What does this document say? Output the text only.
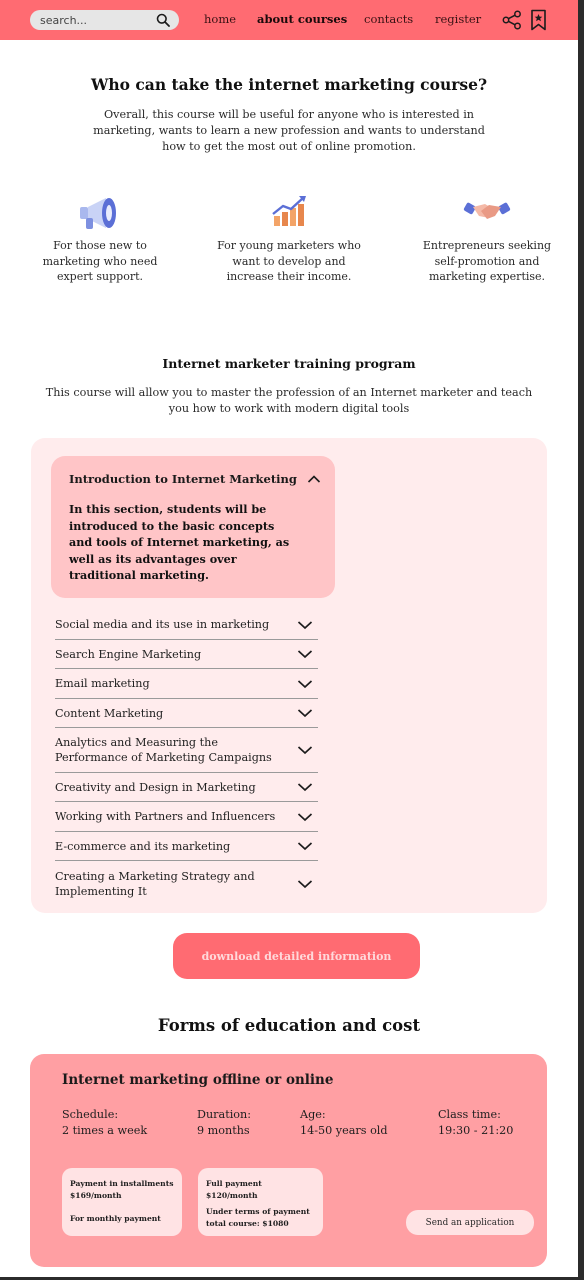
search...
home about courses contacts register
Who can take the internet marketing course?
Overall, this course will be useful for anyone who is interested in marketing, wants to learn a new profession and wants to understand how to get the most out of online promotion.
For those new to marketing who need expert support.
For young marketers who want to develop and increase their income.
Entrepreneurs seeking self-promotion and marketing expertise.
Internet marketer training program
This course will allow you to master the profession of an Internet marketer and teach you how to work with modern digital tools
Introduction to Internet Marketing
In this section, students will be introduced to the basic concepts and tools of Internet marketing, as well as its advantages over traditional marketing.
Social media and its use in marketing
Search Engine Marketing
Email marketing
Content Marketing
Analytics and Measuring the Performance of Marketing Campaigns
Creativity and Design in Marketing
Working with Partners and Influencers
E-commerce and its marketing
Creating a Marketing Strategy and Implementing It
download detailed information
Forms of education and cost
Internet marketing offline or online
Schedule:
2 times a week
Duration:
9 months
Age:
14-50 years old
Class time:
19:30 - 21:20
Payment in installments
$169/month
For monthly payment
Full payment
$120/month
Under terms of payment total course: $1080	Send an application
